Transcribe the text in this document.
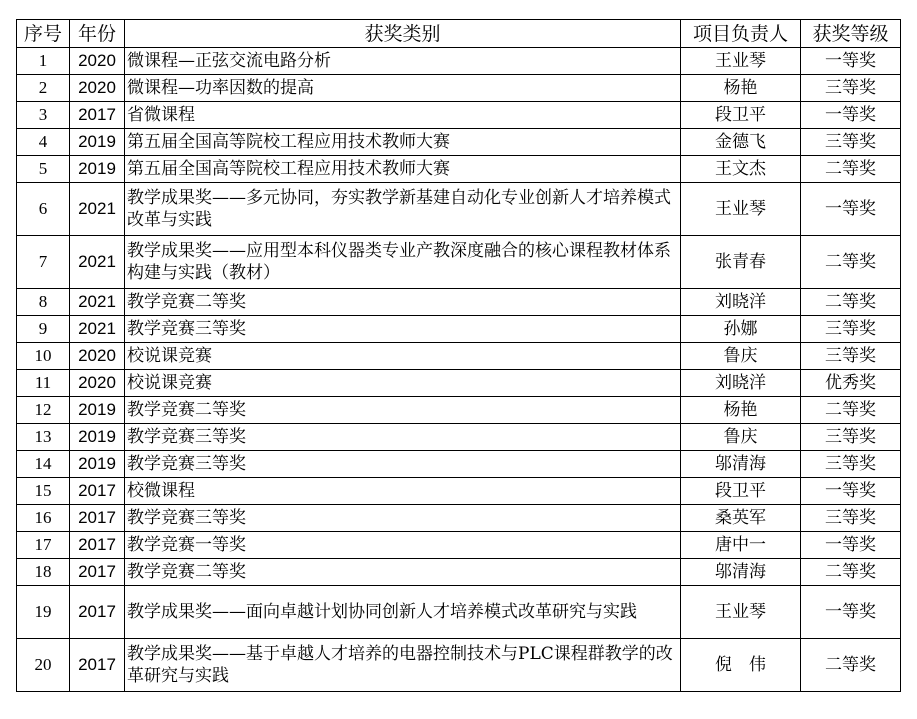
序号	年份	获奖类别	项目负责人	获奖等级
1	2020	微课程—正弦交流电路分析	王业琴	一等奖
2	2020	微课程—功率因数的提高	杨艳	三等奖
3	2017	省微课程	段卫平	一等奖
4	2019	第五届全国高等院校工程应用技术教师大赛	金德飞	三等奖
5	2019	第五届全国高等院校工程应用技术教师大赛	王文杰	二等奖
6	2021	教学成果奖——多元协同，夯实教学新基建自动化专业创新人才培养模式改革与实践	王业琴	一等奖
7	2021	教学成果奖——应用型本科仪器类专业产教深度融合的核心课程教材体系构建与实践（教材）	张青春	二等奖
8	2021	教学竞赛二等奖	刘晓洋	二等奖
9	2021	教学竞赛三等奖	孙娜	三等奖
10	2020	校说课竞赛	鲁庆	三等奖
11	2020	校说课竞赛	刘晓洋	优秀奖
12	2019	教学竞赛二等奖	杨艳	二等奖
13	2019	教学竞赛三等奖	鲁庆	三等奖
14	2019	教学竞赛三等奖	邬清海	三等奖
15	2017	校微课程	段卫平	一等奖
16	2017	教学竞赛三等奖	桑英军	三等奖
17	2017	教学竞赛一等奖	唐中一	一等奖
18	2017	教学竞赛二等奖	邬清海	二等奖
19	2017	教学成果奖——面向卓越计划协同创新人才培养模式改革研究与实践	王业琴	一等奖
20	2017	教学成果奖——基于卓越人才培养的电器控制技术与PLC课程群教学的改革研究与实践	倪　伟	二等奖
